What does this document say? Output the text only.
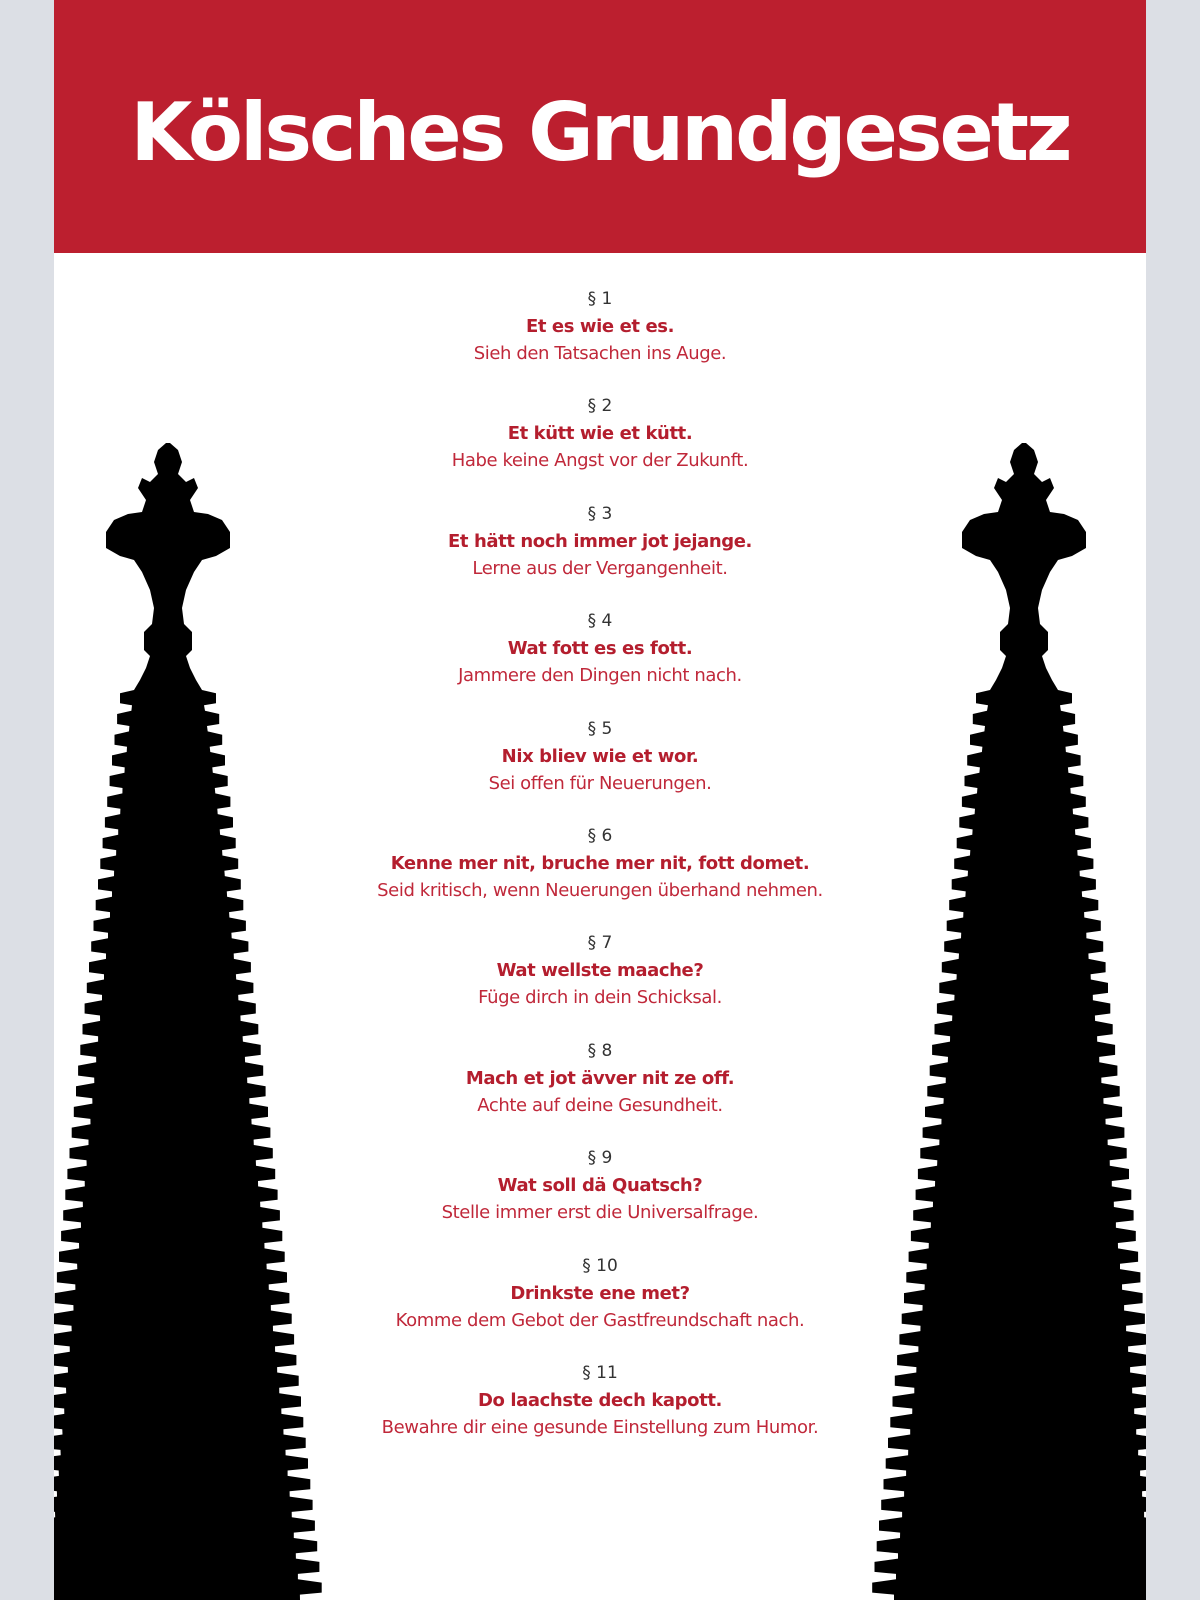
Kölsches Grundgesetz
§ 1
Et es wie et es.
Sieh den Tatsachen ins Auge.
§ 2
Et kütt wie et kütt.
Habe keine Angst vor der Zukunft.
§ 3
Et hätt noch immer jot jejange.
Lerne aus der Vergangenheit.
§ 4
Wat fott es es fott.
Jammere den Dingen nicht nach.
§ 5
Nix bliev wie et wor.
Sei offen für Neuerungen.
§ 6
Kenne mer nit, bruche mer nit, fott domet.
Seid kritisch, wenn Neuerungen überhand nehmen.
§ 7
Wat wellste maache?
Füge dirch in dein Schicksal.
§ 8
Mach et jot ävver nit ze off.
Achte auf deine Gesundheit.
§ 9
Wat soll dä Quatsch?
Stelle immer erst die Universalfrage.
§ 10
Drinkste ene met?
Komme dem Gebot der Gastfreundschaft nach.
§ 11
Do laachste dech kapott.
Bewahre dir eine gesunde Einstellung zum Humor.
